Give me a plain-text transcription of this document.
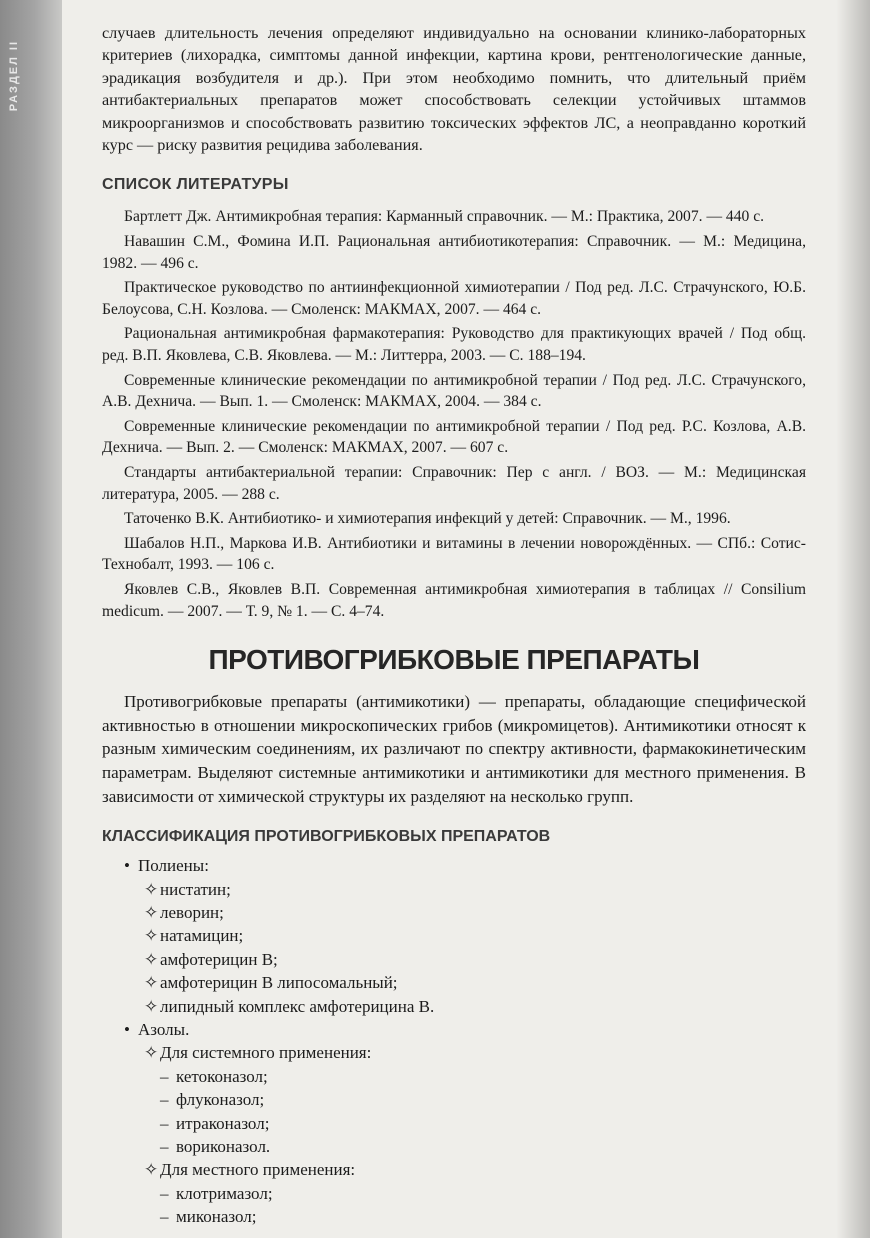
РАЗДЕЛ II

случаев длительность лечения определяют индивидуально на основании клинико-лабораторных критериев (лихорадка, симптомы данной инфекции, картина крови, рентгенологические данные, эрадикация возбудителя и др.). При этом необходимо помнить, что длительный приём антибактериальных препаратов может способствовать селекции устойчивых штаммов микроорганизмов и способствовать развитию токсических эффектов ЛС, а неоправданно короткий курс — риску развития рецидива заболевания.

СПИСОК ЛИТЕРАТУРЫ

Бартлетт Дж. Антимикробная терапия: Карманный справочник. — М.: Практика, 2007. — 440 с.

Навашин С.М., Фомина И.П. Рациональная антибиотикотерапия: Справочник. — М.: Медицина, 1982. — 496 с.

Практическое руководство по антиинфекционной химиотерапии / Под ред. Л.С. Страчунского, Ю.Б. Белоусова, С.Н. Козлова. — Смоленск: МАКМАХ, 2007. — 464 с.

Рациональная антимикробная фармакотерапия: Руководство для практикующих врачей / Под общ. ред. В.П. Яковлева, С.В. Яковлева. — М.: Литтерра, 2003. — С. 188–194.

Современные клинические рекомендации по антимикробной терапии / Под ред. Л.С. Страчунского, А.В. Дехнича. — Вып. 1. — Смоленск: МАКМАХ, 2004. — 384 с.

Современные клинические рекомендации по антимикробной терапии / Под ред. Р.С. Козлова, А.В. Дехнича. — Вып. 2. — Смоленск: МАКМАХ, 2007. — 607 с.

Стандарты антибактериальной терапии: Справочник: Пер с англ. / ВОЗ. — М.: Медицинская литература, 2005. — 288 с.

Таточенко В.К. Антибиотико- и химиотерапия инфекций у детей: Справочник. — М., 1996.

Шабалов Н.П., Маркова И.В. Антибиотики и витамины в лечении новорождённых. — СПб.: Сотис-Технобалт, 1993. — 106 с.

Яковлев С.В., Яковлев В.П. Современная антимикробная химиотерапия в таблицах // Consilium medicum. — 2007. — Т. 9, № 1. — С. 4–74.

ПРОТИВОГРИБКОВЫЕ ПРЕПАРАТЫ

Противогрибковые препараты (антимикотики) — препараты, обладающие специфической активностью в отношении микроскопических грибов (микромицетов). Антимикотики относят к разным химическим соединениям, их различают по спектру активности, фармакокинетическим параметрам. Выделяют системные антимикотики и антимикотики для местного применения. В зависимости от химической структуры их разделяют на несколько групп.

КЛАССИФИКАЦИЯ ПРОТИВОГРИБКОВЫХ ПРЕПАРАТОВ
• Полиены:
✧ нистатин;
✧ леворин;
✧ натамицин;
✧ амфотерицин В;
✧ амфотерицин В липосомальный;
✧ липидный комплекс амфотерицина В.
• Азолы.
✧ Для системного применения:
– кетоконазол;
– флуконазол;
– итраконазол;
– вориконазол.
✧ Для местного применения:
– клотримазол;
– миконазол;
